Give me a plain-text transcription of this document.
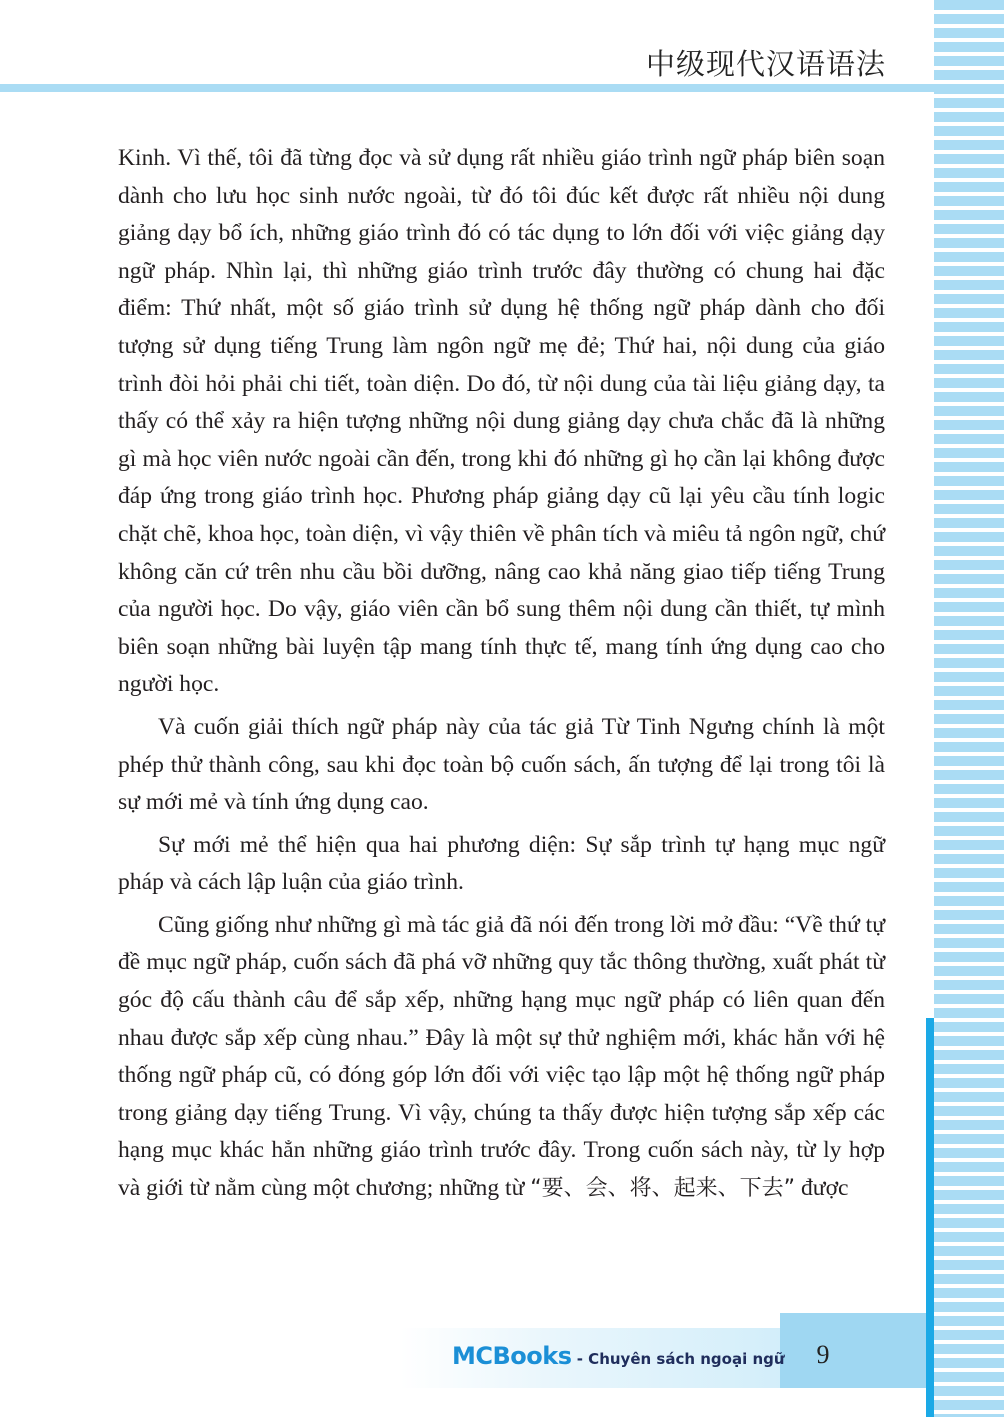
中级现代汉语语法

Kinh. Vì thế, tôi đã từng đọc và sử dụng rất nhiều giáo trình ngữ pháp biên soạn dành cho lưu học sinh nước ngoài, từ đó tôi đúc kết được rất nhiều nội dung giảng dạy bổ ích, những giáo trình đó có tác dụng to lớn đối với việc giảng dạy ngữ pháp. Nhìn lại, thì những giáo trình trước đây thường có chung hai đặc điểm: Thứ nhất, một số giáo trình sử dụng hệ thống ngữ pháp dành cho đối tượng sử dụng tiếng Trung làm ngôn ngữ mẹ đẻ; Thứ hai, nội dung của giáo trình đòi hỏi phải chi tiết, toàn diện. Do đó, từ nội dung của tài liệu giảng dạy, ta thấy có thể xảy ra hiện tượng những nội dung giảng dạy chưa chắc đã là những gì mà học viên nước ngoài cần đến, trong khi đó những gì họ cần lại không được đáp ứng trong giáo trình học. Phương pháp giảng dạy cũ lại yêu cầu tính logic chặt chẽ, khoa học, toàn diện, vì vậy thiên về phân tích và miêu tả ngôn ngữ, chứ không căn cứ trên nhu cầu bồi dưỡng, nâng cao khả năng giao tiếp tiếng Trung của người học. Do vậy, giáo viên cần bổ sung thêm nội dung cần thiết, tự mình biên soạn những bài luyện tập mang tính thực tế, mang tính ứng dụng cao cho người học.

Và cuốn giải thích ngữ pháp này của tác giả Từ Tinh Ngưng chính là một phép thử thành công, sau khi đọc toàn bộ cuốn sách, ấn tượng để lại trong tôi là sự mới mẻ và tính ứng dụng cao.

Sự mới mẻ thể hiện qua hai phương diện: Sự sắp trình tự hạng mục ngữ pháp và cách lập luận của giáo trình.

Cũng giống như những gì mà tác giả đã nói đến trong lời mở đầu: “Về thứ tự đề mục ngữ pháp, cuốn sách đã phá vỡ những quy tắc thông thường, xuất phát từ góc độ cấu thành câu để sắp xếp, những hạng mục ngữ pháp có liên quan đến nhau được sắp xếp cùng nhau.” Đây là một sự thử nghiệm mới, khác hẳn với hệ thống ngữ pháp cũ, có đóng góp lớn đối với việc tạo lập một hệ thống ngữ pháp trong giảng dạy tiếng Trung. Vì vậy, chúng ta thấy được hiện tượng sắp xếp các hạng mục khác hẳn những giáo trình trước đây. Trong cuốn sách này, từ ly hợp và giới từ nằm cùng một chương; những từ “要、会、将、起来、下去” được

MCBooks - Chuyên sách ngoại ngữ	9
